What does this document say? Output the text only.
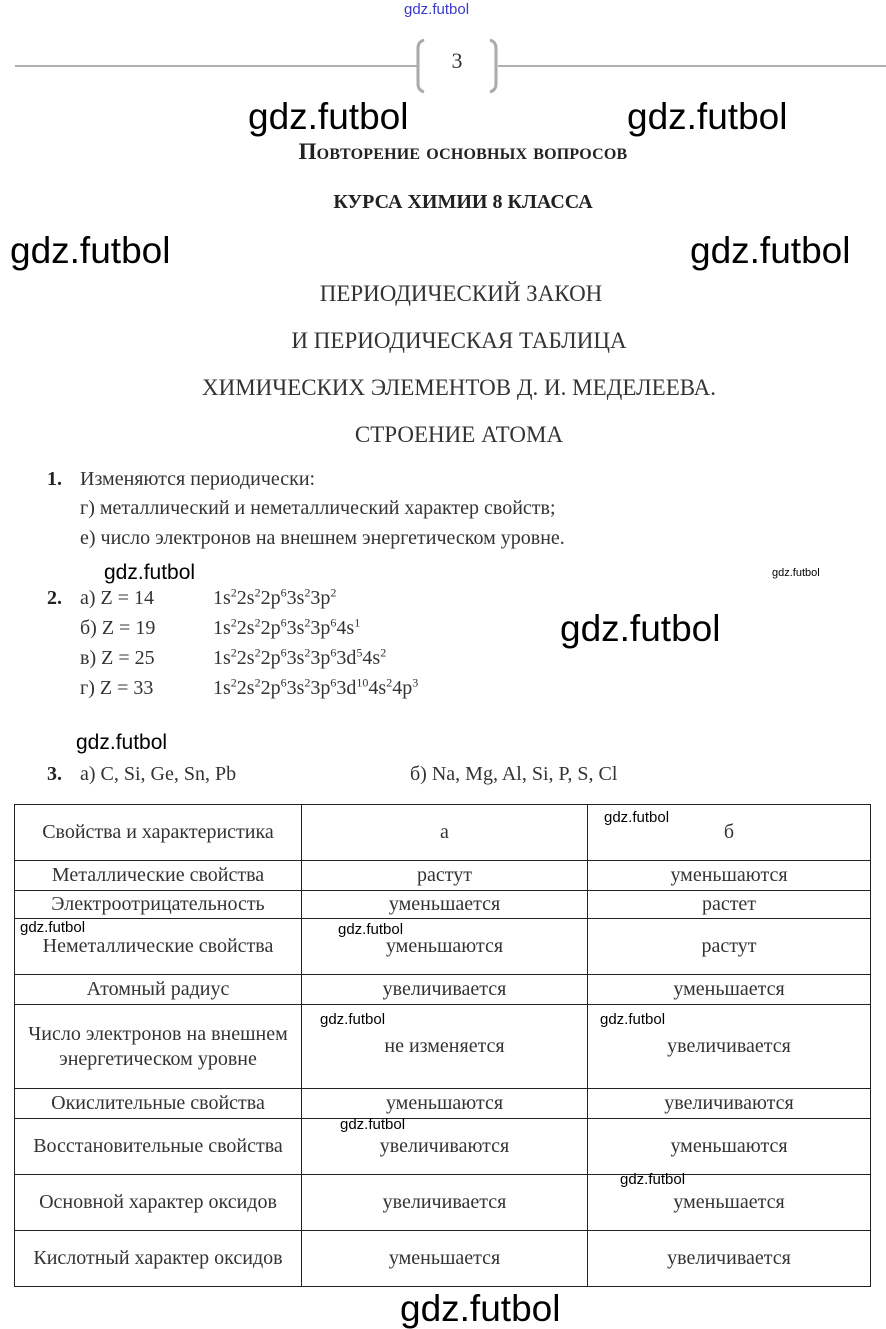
gdz.futbol
3
Повторение основных вопросов
КУРСА ХИМИИ 8 КЛАССА
ПЕРИОДИЧЕСКИЙ ЗАКОН
И ПЕРИОДИЧЕСКАЯ ТАБЛИЦА
ХИМИЧЕСКИХ ЭЛЕМЕНТОВ Д. И. МЕДЕЛЕЕВА.
СТРОЕНИЕ АТОМА
1. Изменяются периодически:
г) металлический и неметаллический характер свойств;
е) число электронов на внешнем энергетическом уровне.
2. а) Z = 14	$1s^22s^22p^63s^23p^2$
б) Z = 19	$1s^22s^22p^63s^23p^64s^1$
в) Z = 25	$1s^22s^22p^63s^23p^63d^54s^2$
г) Z = 33	$1s^22s^22p^63s^23p^63d^{10}4s^24p^3$
3. а) C, Si, Ge, Sn, Pb	б) Na, Mg, Al, Si, P, S, Cl
Свойства и характеристика	а	б
Металлические свойства	растут	уменьшаются
Электроотрицательность	уменьшается	растет
Неметаллические свойства	уменьшаются	растут
Атомный радиус	увеличивается	уменьшается
Число электронов на внешнем энергетическом уровне	не изменяется	увеличивается
Окислительные свойства	уменьшаются	увеличиваются
Восстановительные свойства	увеличиваются	уменьшаются
Основной характер оксидов	увеличивается	уменьшается
Кислотный характер оксидов	уменьшается	увеличивается
gdz.futbol	gdz.futbol
gdz.futbol	gdz.futbol
gdz.futbol	gdz.futbol
gdz.futbol
gdz.futbol
gdz.futbol
gdz.futbol
gdz.futbol
gdz.futbol	gdz.futbol
gdz.futbol
gdz.futbol
gdz.futbol
